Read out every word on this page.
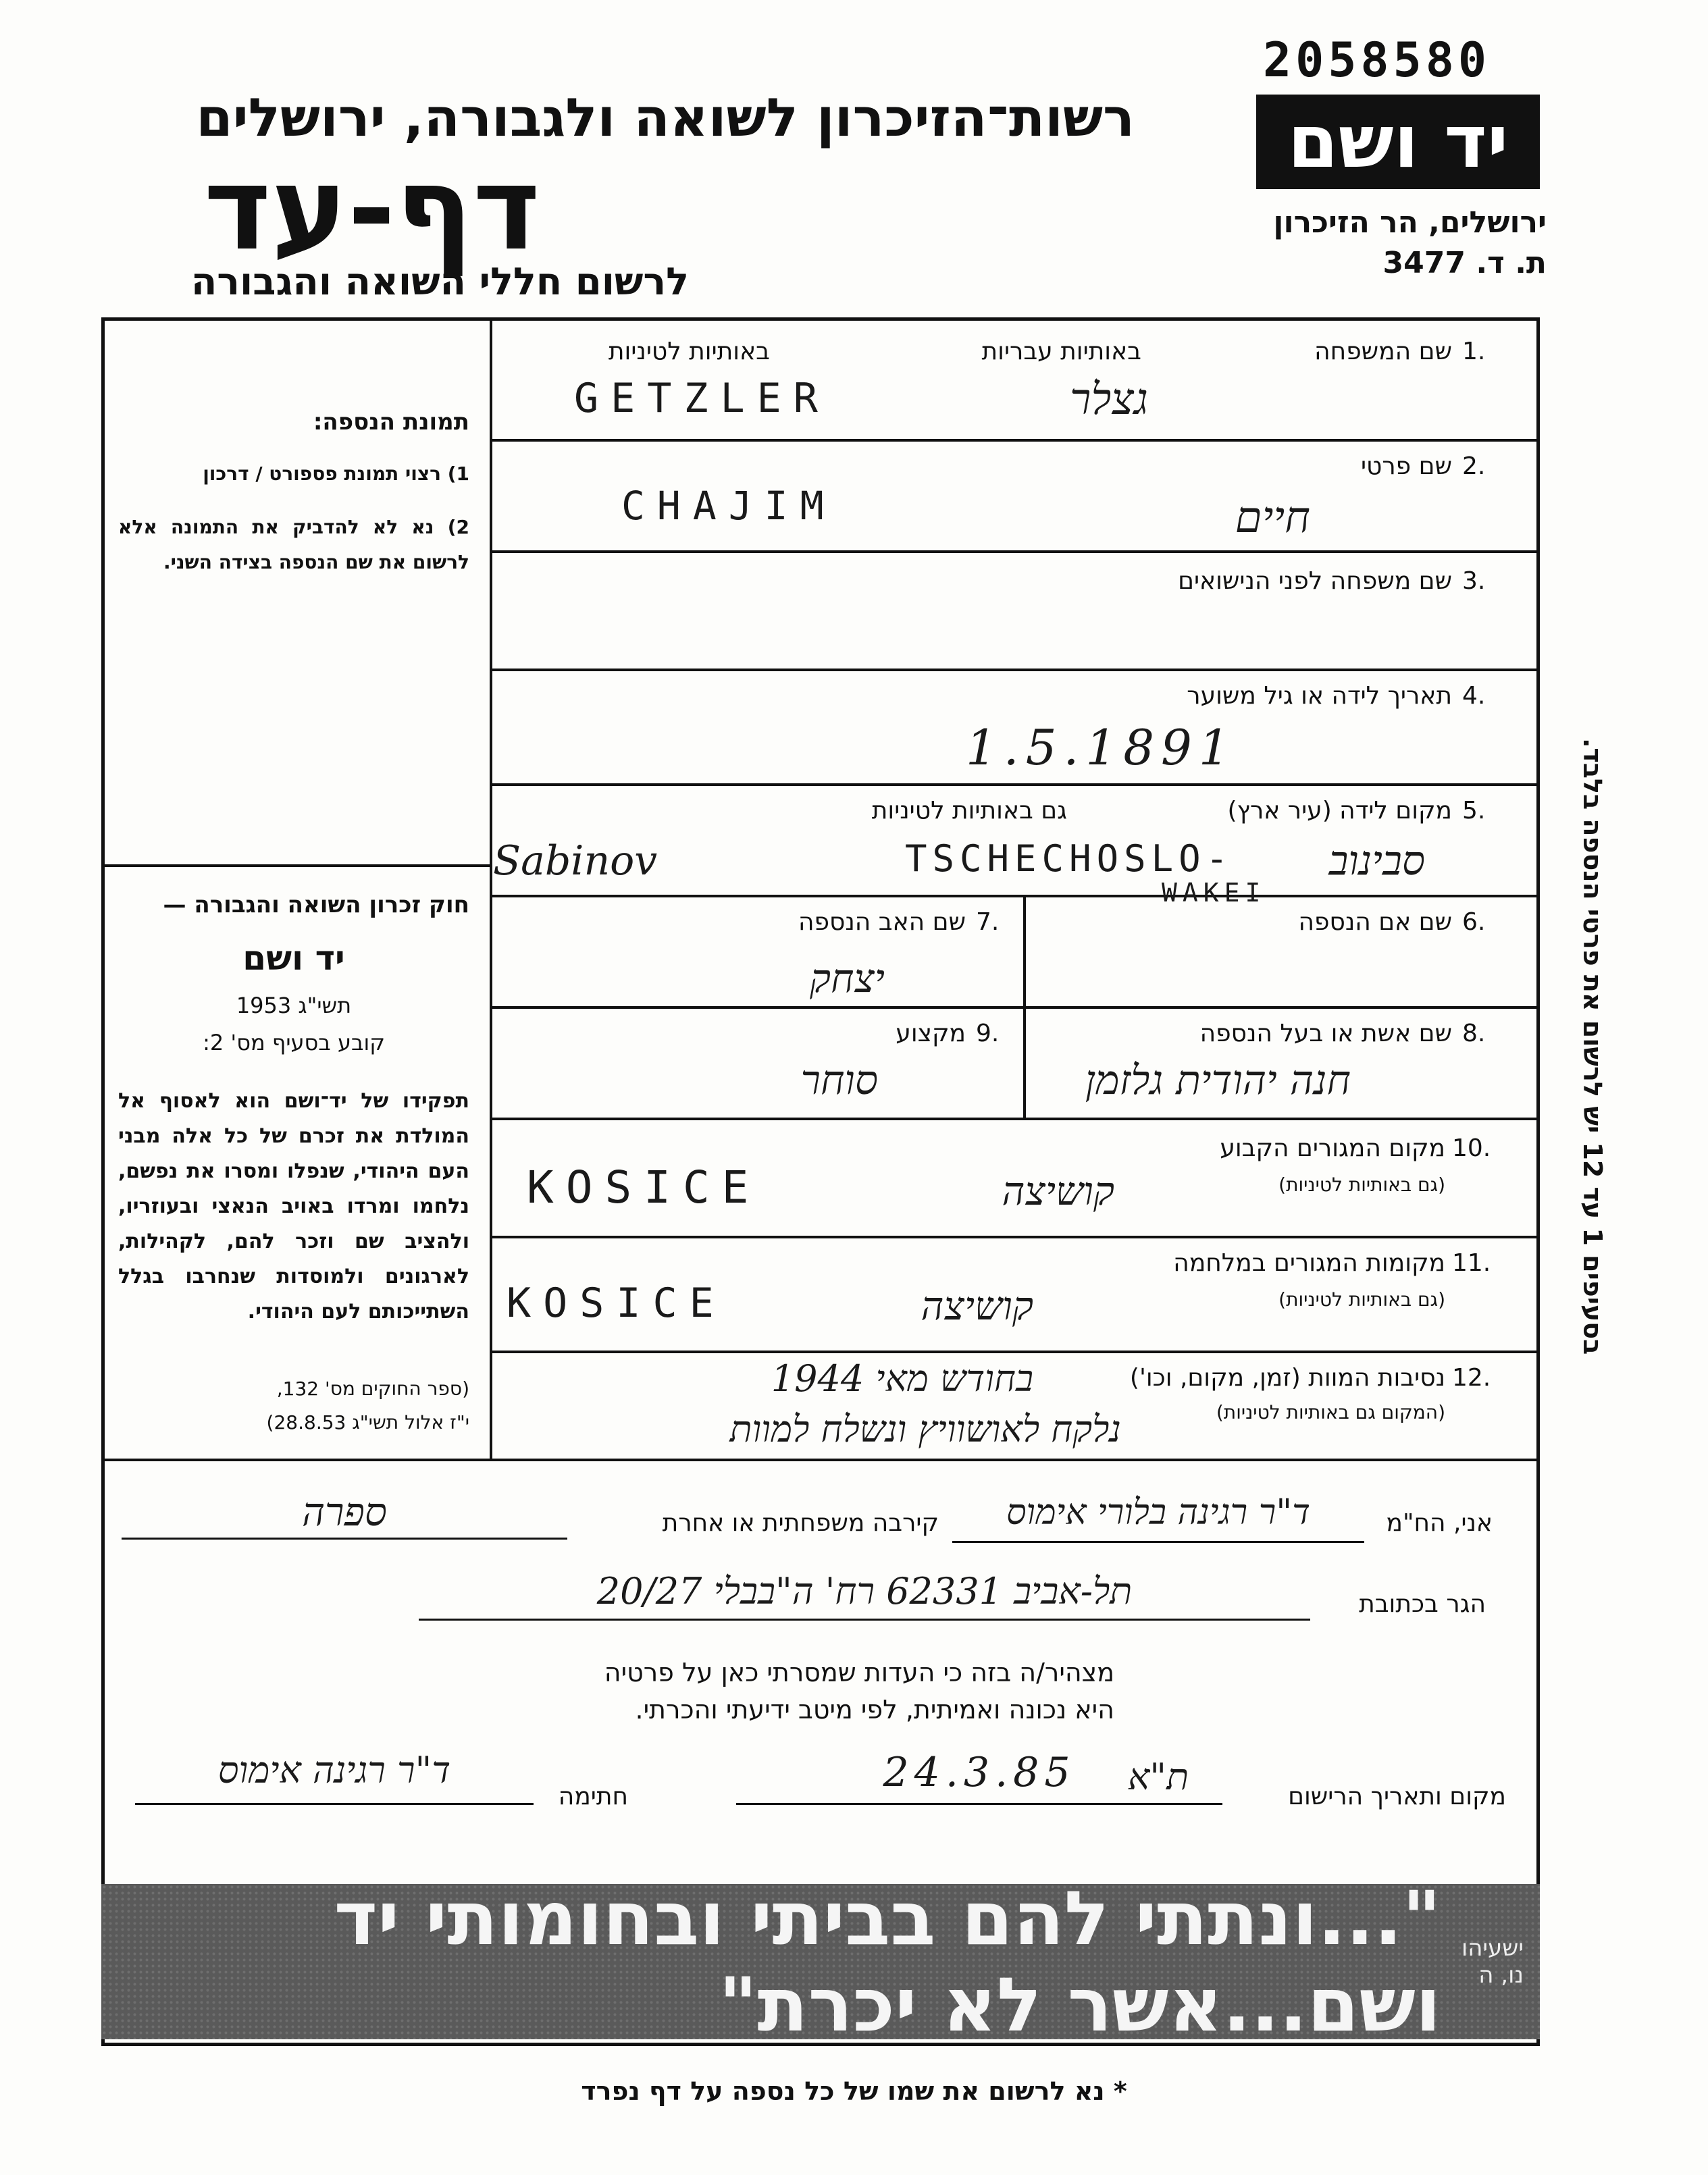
2058580
יד ושם
ירושלים, הר הזיכרון
ת. ד. 3477
רשות־הזיכרון לשואה ולגבורה, ירושלים
דף-עד
לרשום חללי השואה והגבורה
תמונת הנספה:
1) רצוי תמונת פספורט / דרכון
2) נא לא להדביק את התמונה אלא לרשום את שם הנספה בצידה השני.
חוק זכרון השואה והגבורה —
יד ושם
תשי"ג 1953
קובע בסעיף מס' 2:
תפקידו של יד־ושם הוא לאסוף אל המולדת את זכרם של כל אלה מבני העם היהודי, שנפלו ומסרו את נפשם, נלחמו ומרדו באויב הנאצי ובעוזריו, ולהציב שם וזכר להם, לקהילות, לארגונים ולמוסדות שנחרבו בגלל השתייכותם לעם היהודי.
(ספר החוקים מס' 132,
י"ז אלול תשי"ג 28.8.53)
1.
שם המשפחה
באותיות עבריות
באותיות לטיניות
גצלר
GETZLER
2.
שם פרטי
חיים
CHAJIM
3.
שם משפחה לפני הנישואים
4.
תאריך לידה או גיל משוער
1.5.1891
5.
מקום לידה (עיר ארץ)
גם באותיות לטיניות
סבינוב
Sabinov	TSCHECHOSLO-
WAKEI
6.
שם אם הנספה
7.
שם האב הנספה
יצחק
8.
שם אשת או בעל הנספה
9.
מקצוע
חנה יהודית גלזמן
סוחר
10.
מקום המגורים הקבוע
(גם באותיות לטיניות)
קושיצה
KOSICE
11.
מקומות המגורים במלחמה
(גם באותיות לטיניות)
קושיצה
KOSICE
12.
נסיבות המוות (זמן, מקום, וכו')
(המקום גם באותיות לטיניות)
בחודש מאי 1944
נלקח לאושוויץ ונשלח למוות
בסעיפים 1 עד 12 יש לרשום את פרטי הנספה בלבד.
אני, הח"מ
ד"ר רגינה בלורי אימוס
קירבה משפחתית או אחרת
ספרה
הגר בכתובת
תל-אביב 62331 רח' ה"בבלי 20/27
מצהיר/ה בזה כי העדות שמסרתי כאן על פרטיה
היא נכונה ואמיתית, לפי מיטב ידיעתי והכרתי.
מקום ותאריך הרישום
ת"א
24.3.85
חתימה
ד"ר רגינה אימוס
"...ונתתי להם בביתי ובחומותי יד ושם...אשר לא יכרת"
ישעיהו נו, ה
* נא לרשום את שמו של כל נספה על דף נפרד
